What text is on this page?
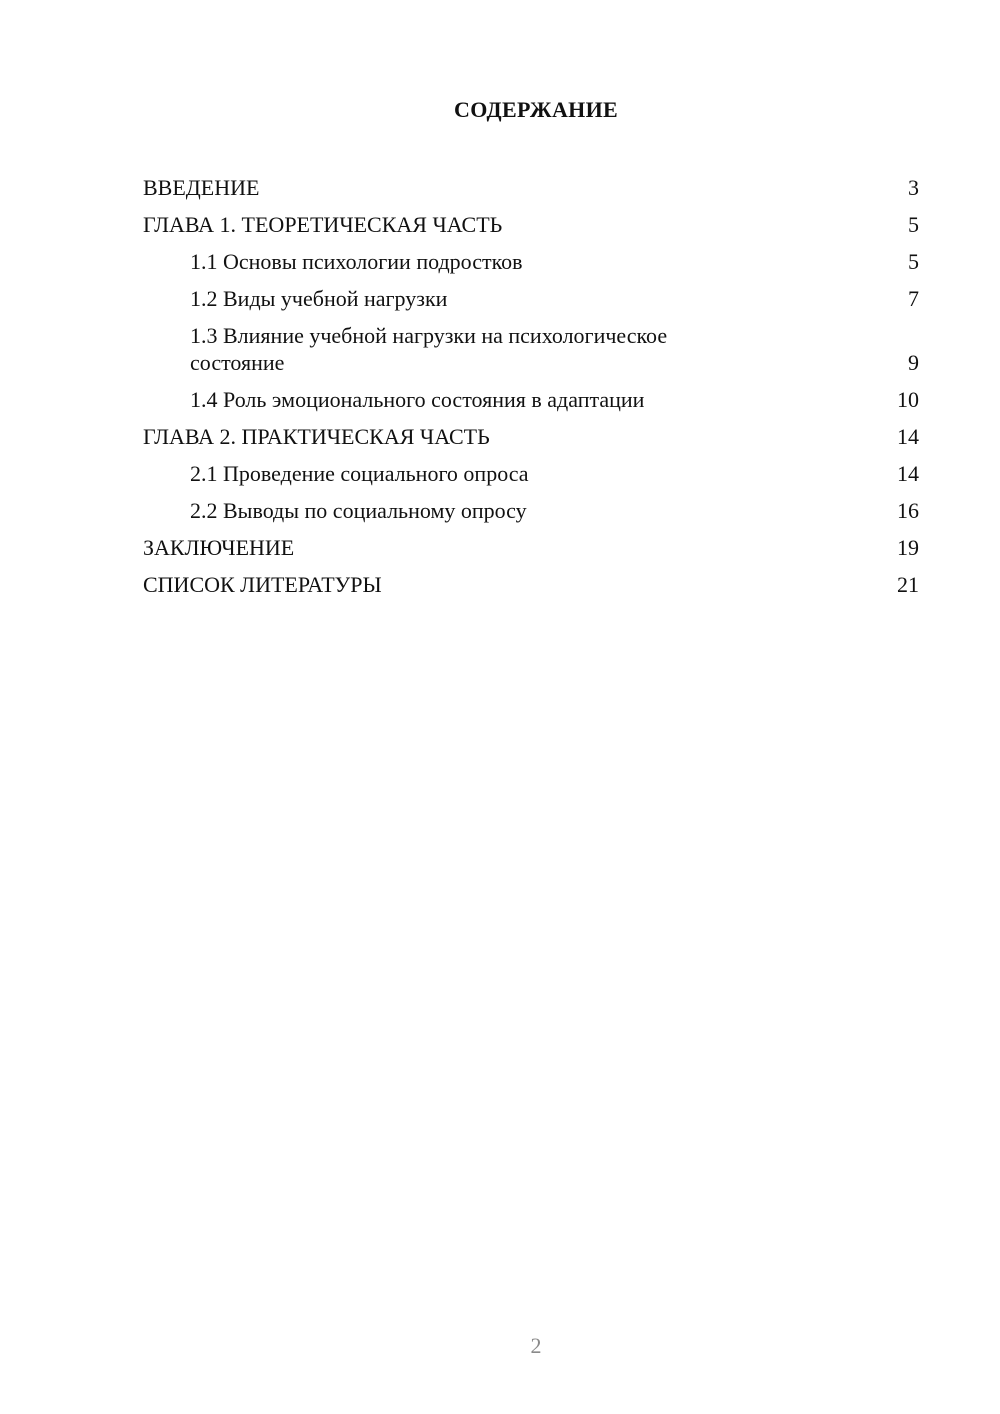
СОДЕРЖАНИЕ
ВВЕДЕНИЕ	3
ГЛАВА 1. ТЕОРЕТИЧЕСКАЯ ЧАСТЬ	5
1.1 Основы психологии подростков	5
1.2 Виды учебной нагрузки	7
1.3 Влияние учебной нагрузки на психологическое состояние	9
1.4 Роль эмоционального состояния в адаптации	10
ГЛАВА 2. ПРАКТИЧЕСКАЯ ЧАСТЬ	14
2.1 Проведение социального опроса	14
2.2 Выводы по социальному опросу	16
ЗАКЛЮЧЕНИЕ	19
СПИСОК ЛИТЕРАТУРЫ	21
2
